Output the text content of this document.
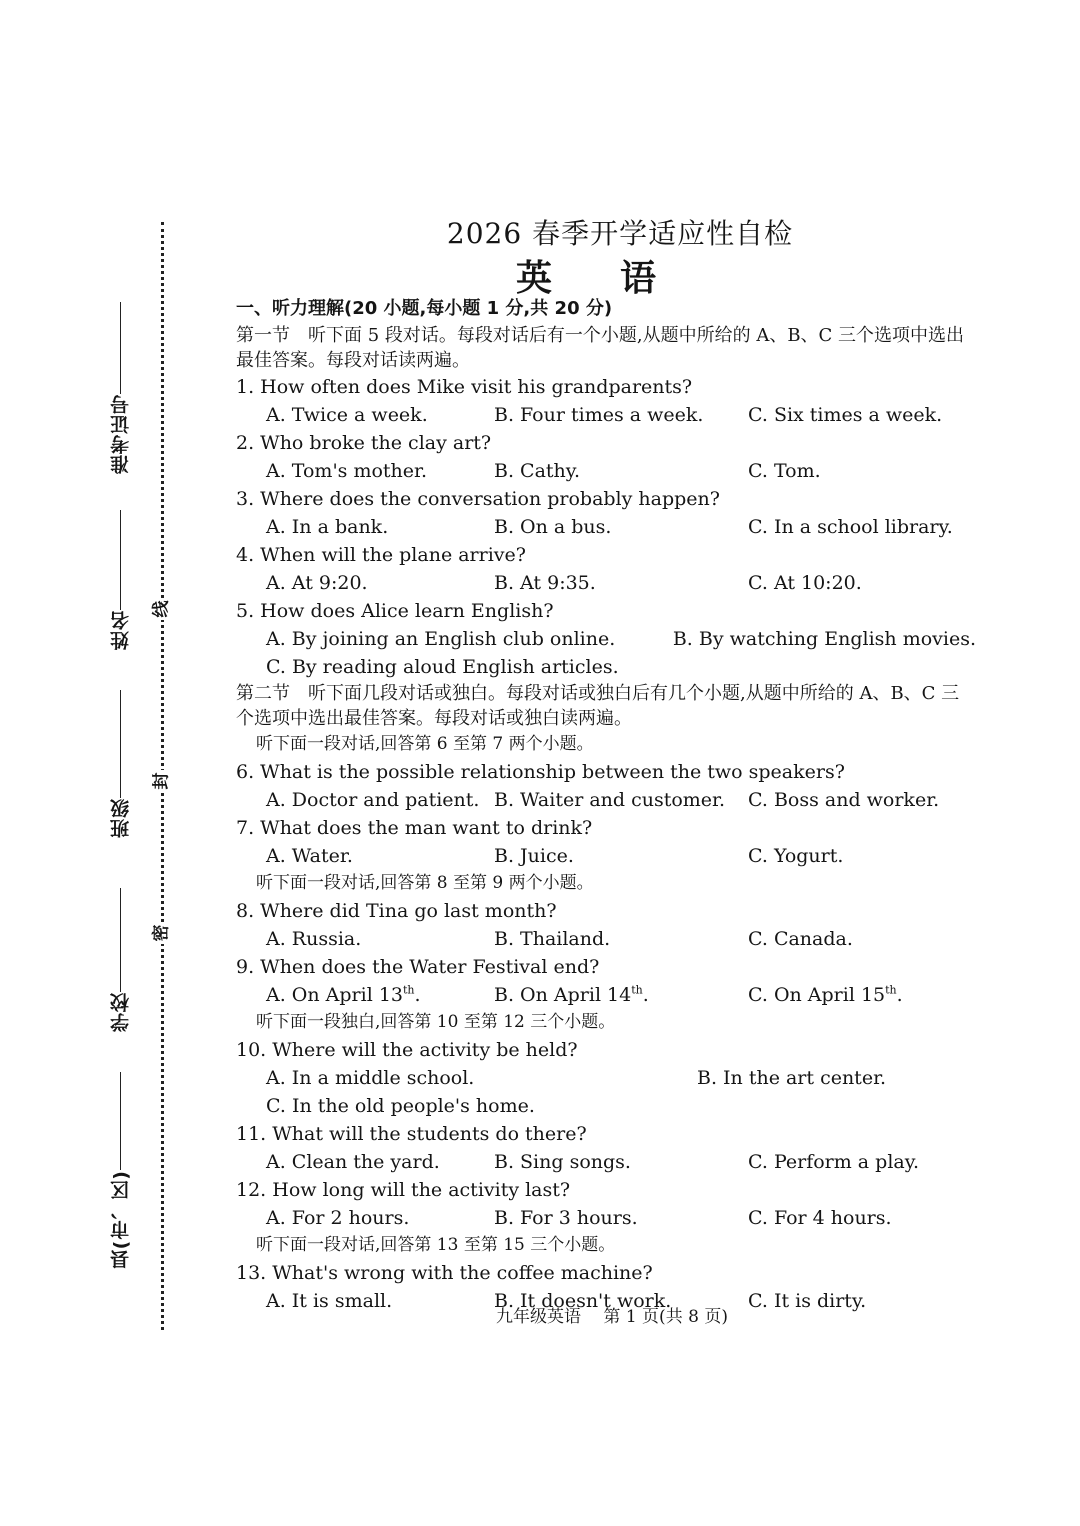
线
封
密
准考证号
姓名
班级
学校
县(市、区)
2026 春季开学适应性自检
英语
一、听力理解(20 小题,每小题 1 分,共 20 分)
第一节　听下面 5 段对话。每段对话后有一个小题,从题中所给的 A、B、C 三个选项中选出最佳答案。每段对话读两遍。
1. How often does Mike visit his grandparents?
A. Twice a week.	B. Four times a week.	C. Six times a week.
2. Who broke the clay art?
A. Tom's mother.	B. Cathy.	C. Tom.
3. Where does the conversation probably happen?
A. In a bank.	B. On a bus.	C. In a school library.
4. When will the plane arrive?
A. At 9:20.	B. At 9:35.	C. At 10:20.
5. How does Alice learn English?
A. By joining an English club online.	B. By watching English movies.
C. By reading aloud English articles.
第二节　听下面几段对话或独白。每段对话或独白后有几个小题,从题中所给的 A、B、C 三个选项中选出最佳答案。每段对话或独白读两遍。
听下面一段对话,回答第 6 至第 7 两个小题。
6. What is the possible relationship between the two speakers?
A. Doctor and patient. B. Waiter and customer.	C. Boss and worker.
7. What does the man want to drink?
A. Water.	B. Juice.	C. Yogurt.
听下面一段对话,回答第 8 至第 9 两个小题。
8. Where did Tina go last month?
A. Russia.	B. Thailand.	C. Canada.
9. When does the Water Festival end?
A. On April 13th.	B. On April 14th.	C. On April 15th.
听下面一段独白,回答第 10 至第 12 三个小题。
10. Where will the activity be held?
A. In a middle school.	B. In the art center.
C. In the old people's home.
11. What will the students do there?
A. Clean the yard.	B. Sing songs.	C. Perform a play.
12. How long will the activity last?
A. For 2 hours.	B. For 3 hours.	C. For 4 hours.
听下面一段对话,回答第 13 至第 15 三个小题。
13. What's wrong with the coffee machine?
A. It is small.	B. It doesn't work.	C. It is dirty.
九年级英语　 第 1 页(共 8 页)
